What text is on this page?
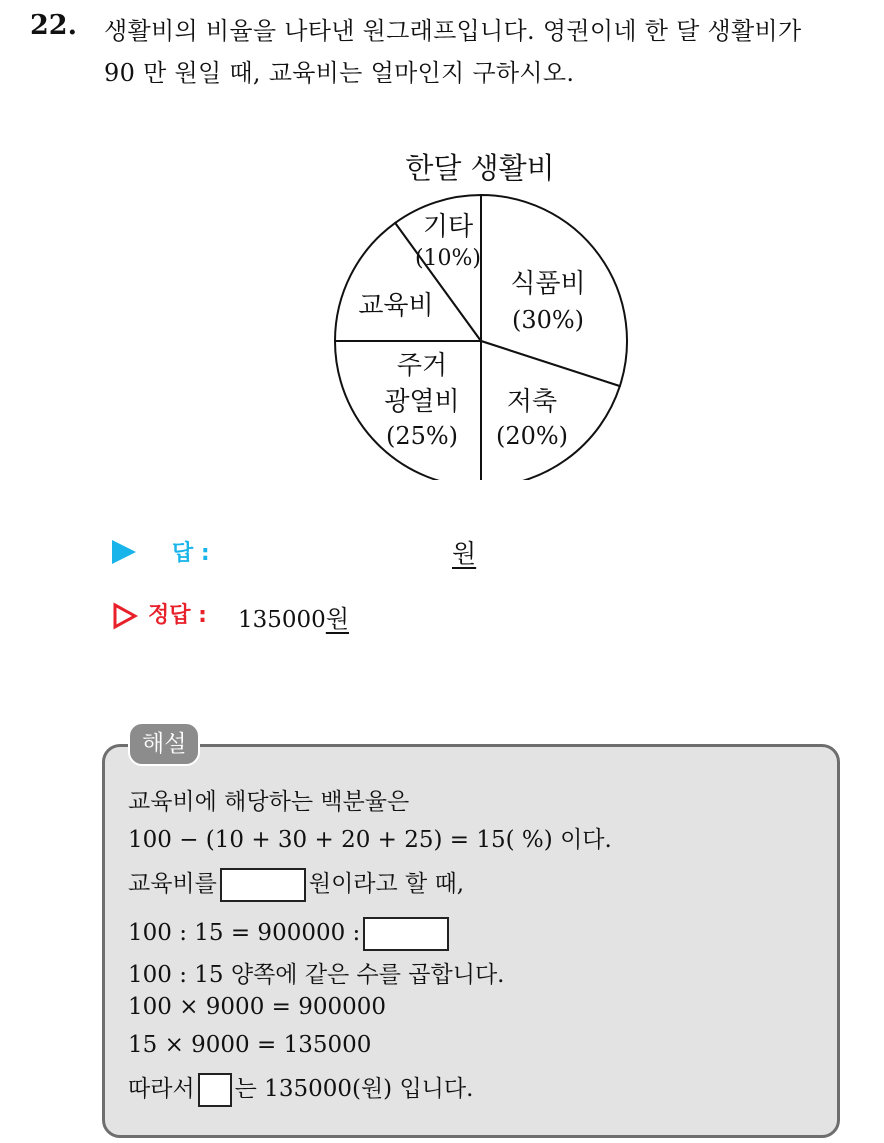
22. 생활비의 비율을 나타낸 원그래프입니다. 영권이네 한 달 생활비가
90 만 원일 때, 교육비는 얼마인지 구하시오.
한달 생활비
식품비
(30%)
저축
(20%)
주거
광열비
(25%)
교육비
기타
(10%)
답 :	원
정답 : 135000원
해설
교육비에 해당하는 백분율은
100 − (10 + 30 + 20 + 25) = 15( %) 이다.
교육비를	원이라고 할 때,
100 : 15 = 900000 :
100 : 15 양쪽에 같은 수를 곱합니다.
100 × 9000 = 900000
15 × 9000 = 135000
따라서 는 135000(원) 입니다.
